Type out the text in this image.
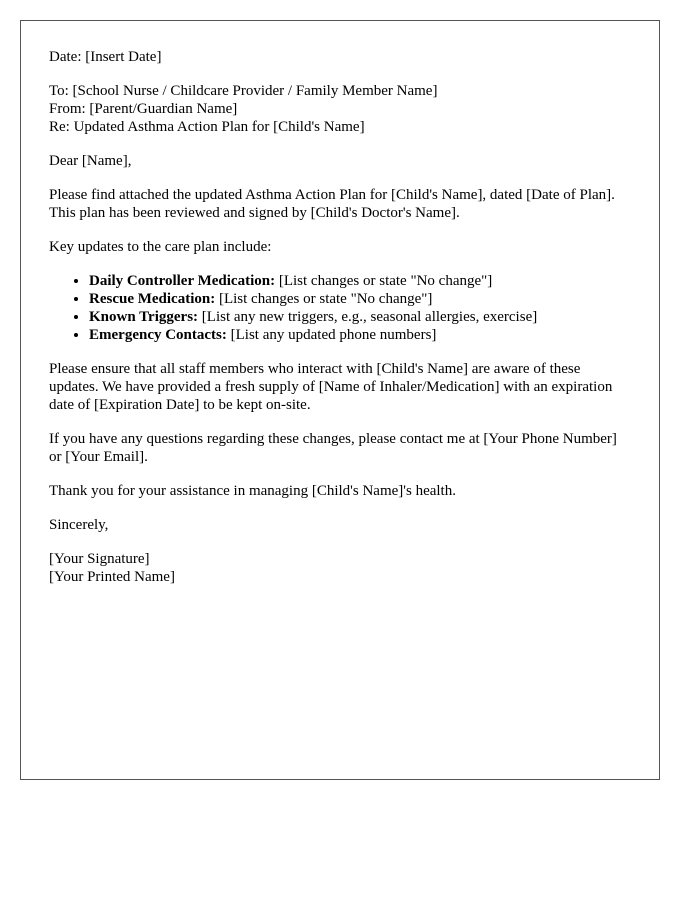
Date: [Insert Date]

To: [School Nurse / Childcare Provider / Family Member Name]
From: [Parent/Guardian Name]
Re: Updated Asthma Action Plan for [Child's Name]

Dear [Name],

Please find attached the updated Asthma Action Plan for [Child's Name], dated [Date of Plan]. This plan has been reviewed and signed by [Child's Doctor's Name].

Key updates to the care plan include:

• Daily Controller Medication: [List changes or state "No change"]
• Rescue Medication: [List changes or state "No change"]
• Known Triggers: [List any new triggers, e.g., seasonal allergies, exercise]
• Emergency Contacts: [List any updated phone numbers]

Please ensure that all staff members who interact with [Child's Name] are aware of these updates. We have provided a fresh supply of [Name of Inhaler/Medication] with an expiration date of [Expiration Date] to be kept on-site.

If you have any questions regarding these changes, please contact me at [Your Phone Number] or [Your Email].

Thank you for your assistance in managing [Child's Name]'s health.

Sincerely,

[Your Signature]
[Your Printed Name]
